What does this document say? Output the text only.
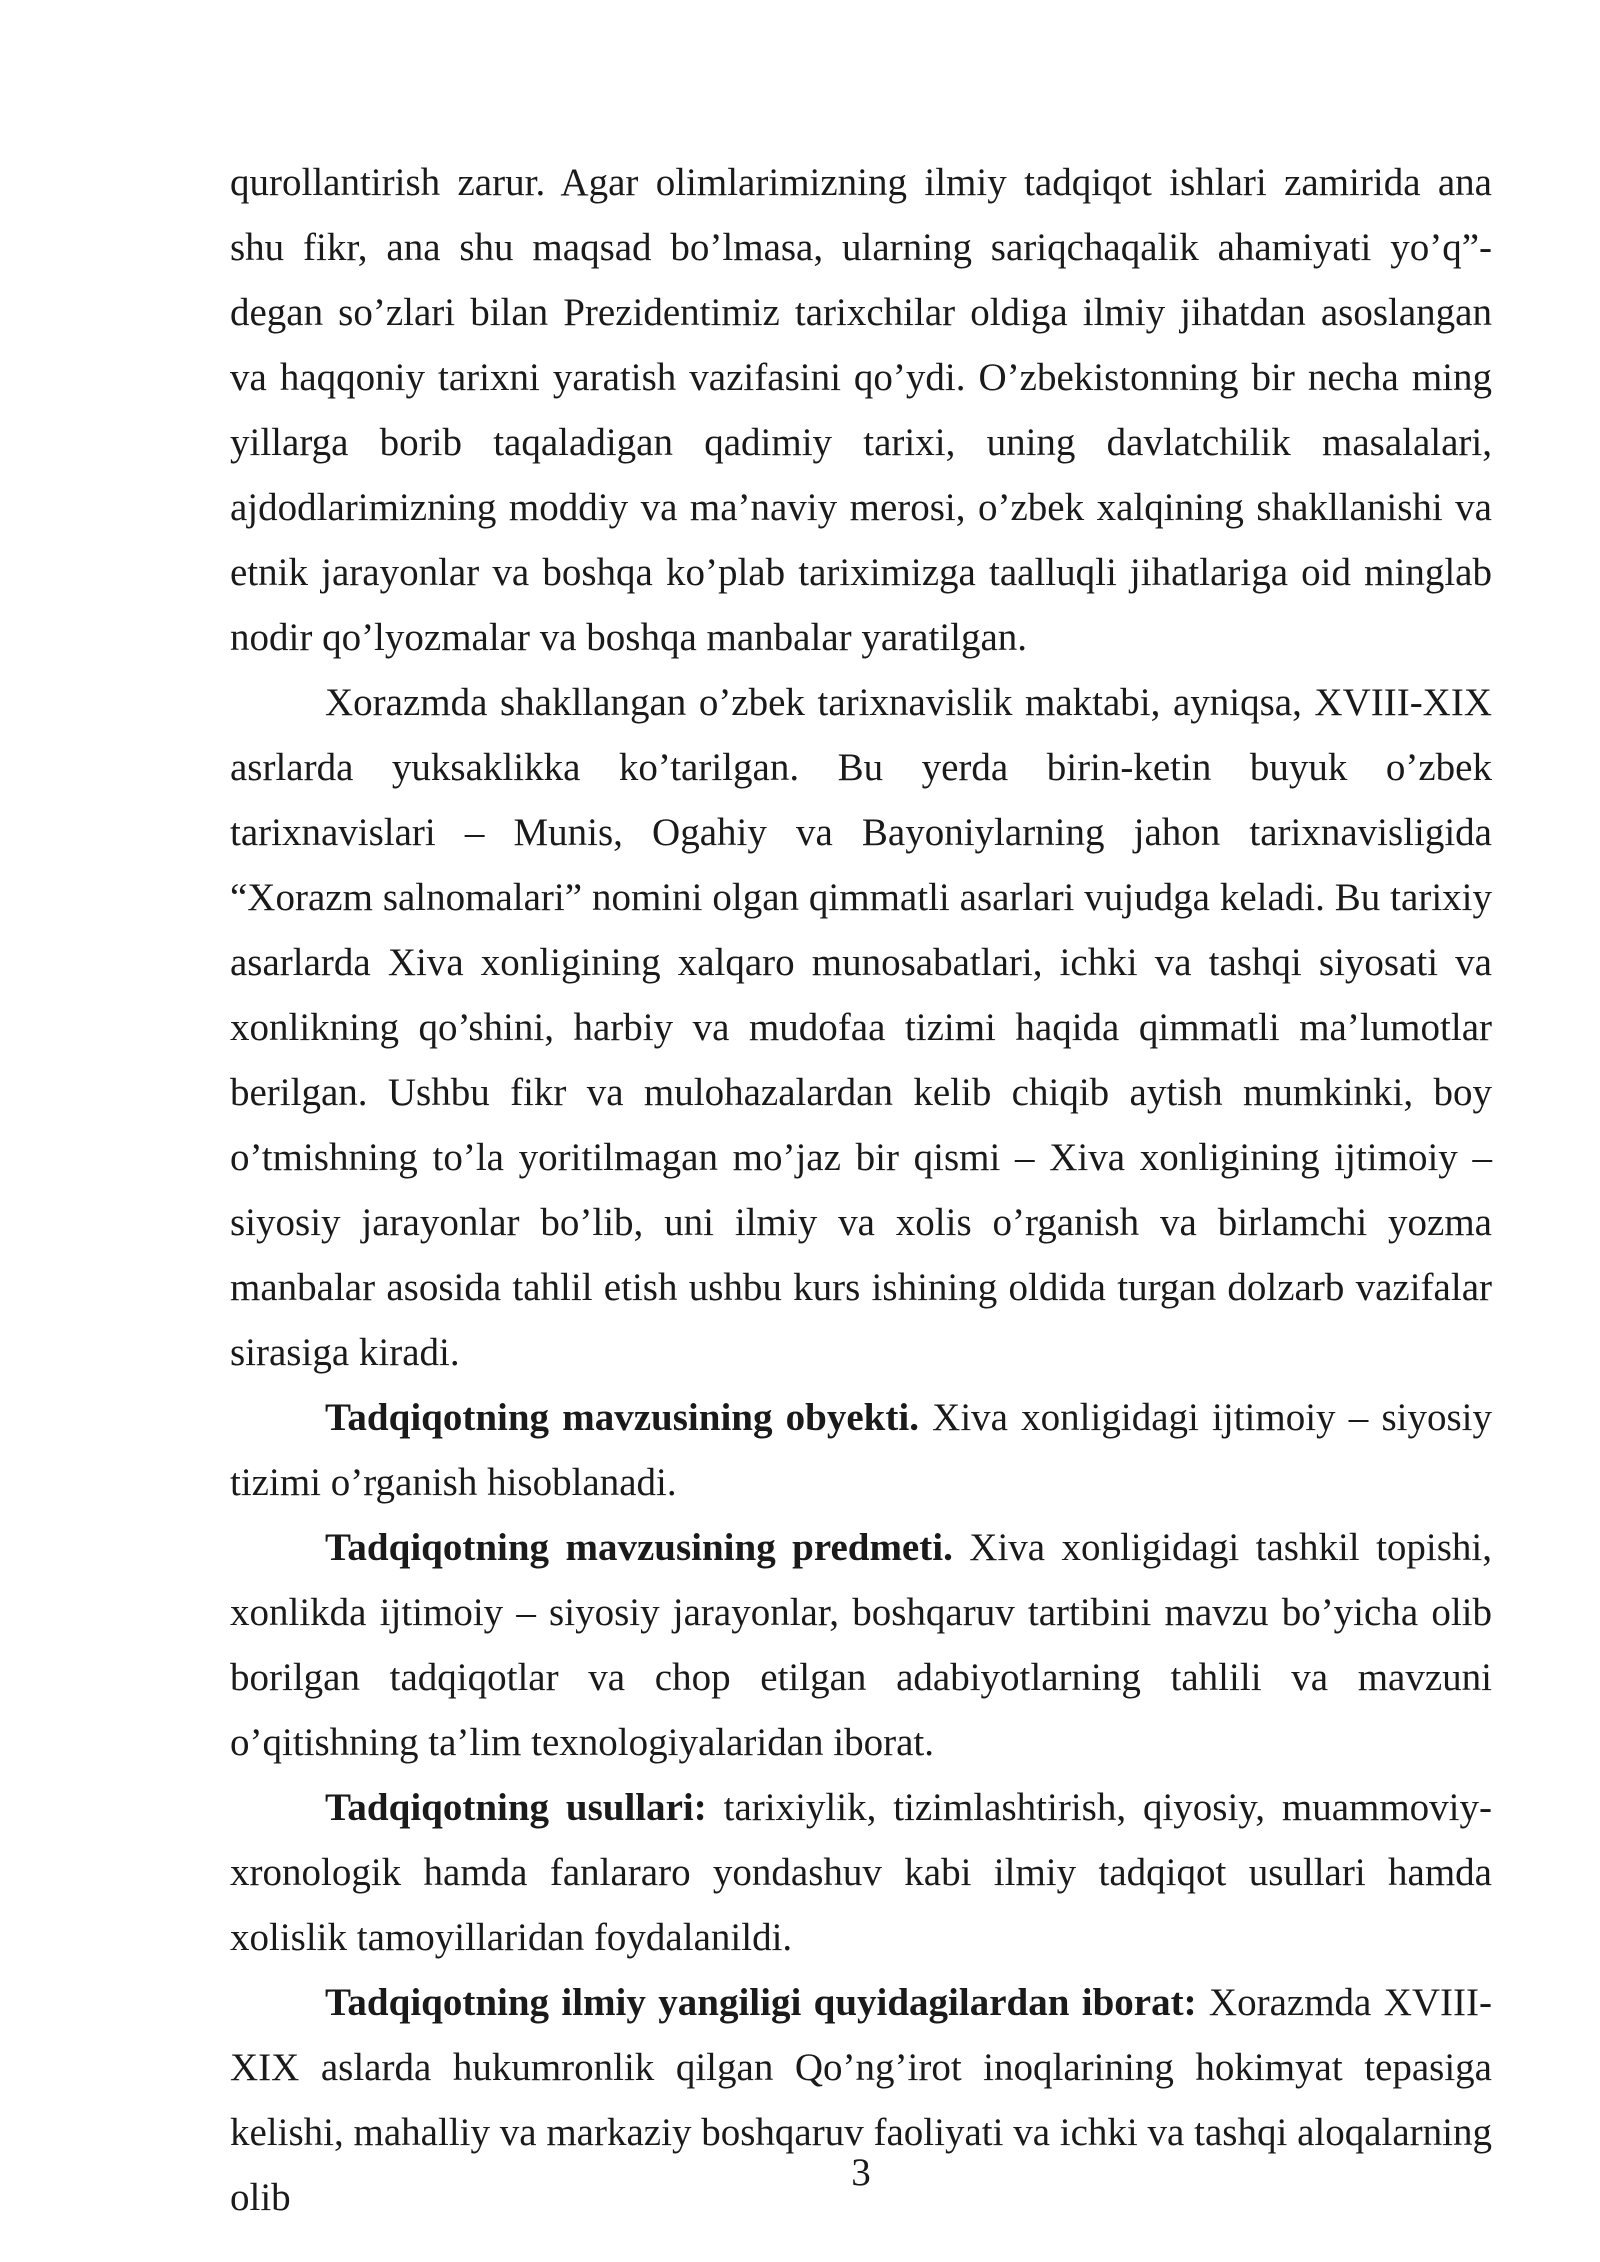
qurollantirish zarur. Agar olimlarimizning ilmiy tadqiqot ishlari zamirida ana shu fikr, ana shu maqsad bo’lmasa, ularning sariqchaqalik ahamiyati yo’q”- degan so’zlari bilan Prezidentimiz tarixchilar oldiga ilmiy jihatdan asoslangan va haqqoniy tarixni yaratish vazifasini qo’ydi. O’zbekistonning bir necha ming yillarga borib taqaladigan qadimiy tarixi, uning davlatchilik masalalari, ajdodlarimizning moddiy va ma’naviy merosi, o’zbek xalqining shakllanishi va etnik jarayonlar va boshqa ko’plab tariximizga taalluqli jihatlariga oid minglab nodir qo’lyozmalar va boshqa manbalar yaratilgan.

Xorazmda shakllangan o’zbek tarixnavislik maktabi, ayniqsa, XVIII-XIX asrlarda yuksaklikka ko’tarilgan. Bu yerda birin-ketin buyuk o’zbek tarixnavislari – Munis, Ogahiy va Bayoniylarning jahon tarixnavisligida “Xorazm salnomalari” nomini olgan qimmatli asarlari vujudga keladi. Bu tarixiy asarlarda Xiva xonligining xalqaro munosabatlari, ichki va tashqi siyosati va xonlikning qo’shini, harbiy va mudofaa tizimi haqida qimmatli ma’lumotlar berilgan. Ushbu fikr va mulohazalardan kelib chiqib aytish mumkinki, boy o’tmishning to’la yoritilmagan mo’jaz bir qismi – Xiva xonligining ijtimoiy – siyosiy jarayonlar bo’lib, uni ilmiy va xolis o’rganish va birlamchi yozma manbalar asosida tahlil etish ushbu kurs ishining oldida turgan dolzarb vazifalar sirasiga kiradi.

Tadqiqotning mavzusining obyekti. Xiva xonligidagi ijtimoiy – siyosiy tizimi o’rganish hisoblanadi.

Tadqiqotning mavzusining predmeti. Xiva xonligidagi tashkil topishi, xonlikda ijtimoiy – siyosiy jarayonlar, boshqaruv tartibini mavzu bo’yicha olib borilgan tadqiqotlar va chop etilgan adabiyotlarning tahlili va mavzuni o’qitishning ta’lim texnologiyalaridan iborat.

Tadqiqotning usullari: tarixiylik, tizimlashtirish, qiyosiy, muammoviy-xronologik hamda fanlararo yondashuv kabi ilmiy tadqiqot usullari hamda xolislik tamoyillaridan foydalanildi.

Tadqiqotning ilmiy yangiligi quyidagilardan iborat: Xorazmda XVIII-XIX aslarda hukumronlik qilgan Qo’ng’irot inoqlarining hokimyat tepasiga kelishi, mahalliy va markaziy boshqaruv faoliyati va ichki va tashqi aloqalarning olib

3
